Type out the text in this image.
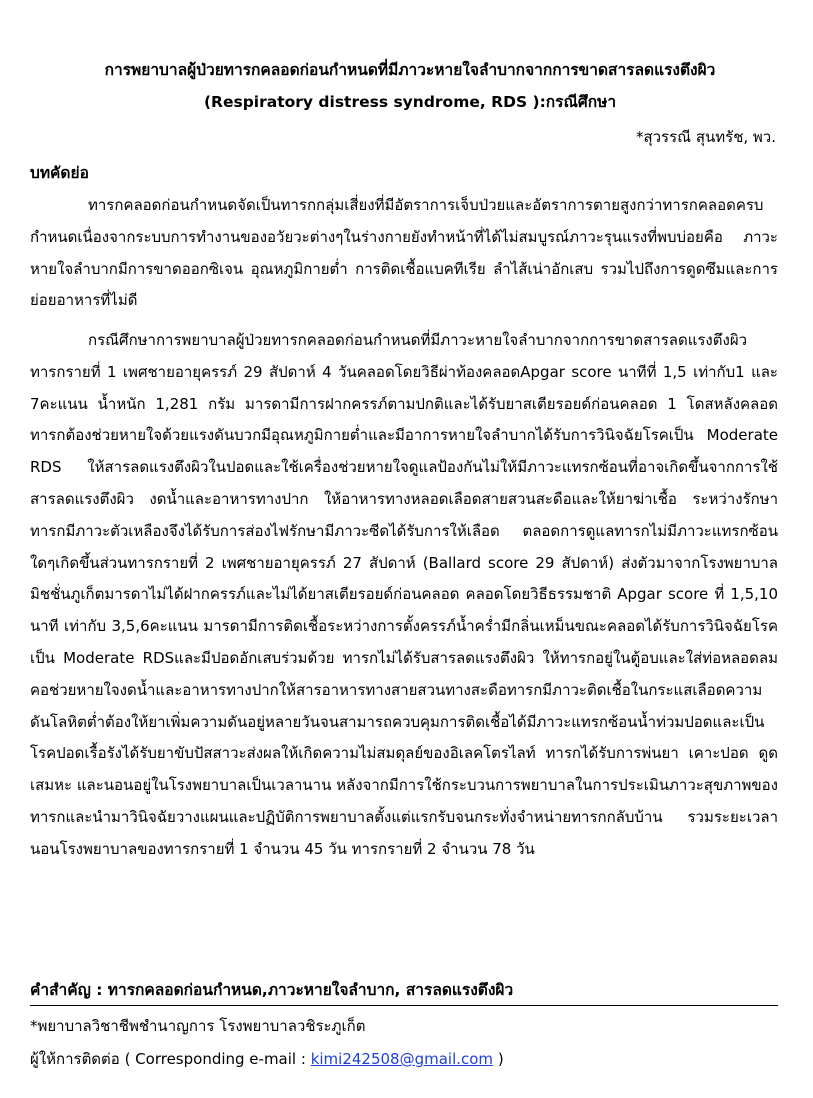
การพยาบาลผู้ป่วยทารกคลอดก่อนกำหนดที่มีภาวะหายใจลำบากจากการขาดสารลดแรงตึงผิว
(Respiratory distress syndrome, RDS ):กรณีศึกษา
*สุวรรณี สุนทรัช, พว.
บทคัดย่อ

ทารกคลอดก่อนกำหนดจัดเป็นทารกกลุ่มเสี่ยงที่มีอัตราการเจ็บป่วยและอัตราการตายสูงกว่าทารกคลอดครบกำหนดเนื่องจากระบบการทำงานของอวัยวะต่างๆในร่างกายยังทำหน้าที่ได้ไม่สมบูรณ์ภาวะรุนแรงที่พบบ่อยคือ ภาวะหายใจลำบากมีการขาดออกซิเจน อุณหภูมิกายต่ำ การติดเชื้อแบคทีเรีย ลำไส้เน่าอักเสบ รวมไปถึงการดูดซึมและการย่อยอาหารที่ไม่ดี

กรณีศึกษาการพยาบาลผู้ป่วยทารกคลอดก่อนกำหนดที่มีภาวะหายใจลำบากจากการขาดสารลดแรงตึงผิว ทารกรายที่ 1 เพศชายอายุครรภ์ 29 สัปดาห์ 4 วันคลอดโดยวิธีผ่าท้องคลอดApgar score นาทีที่ 1,5 เท่ากับ1 และ 7คะแนน น้ำหนัก 1,281 กรัม มารดามีการฝากครรภ์ตามปกติและได้รับยาสเตียรอยด์ก่อนคลอด 1 โดสหลังคลอดทารกต้องช่วยหายใจด้วยแรงดันบวกมีอุณหภูมิกายต่ำและมีอาการหายใจลำบากได้รับการวินิจฉัยโรคเป็น Moderate RDS ให้สารลดแรงตึงผิวในปอดและใช้เครื่องช่วยหายใจดูแลป้องกันไม่ให้มีภาวะแทรกซ้อนที่อาจเกิดขึ้นจากการใช้สารลดแรงตึงผิว งดน้ำและอาหารทางปาก ให้อาหารทางหลอดเลือดสายสวนสะดือและให้ยาฆ่าเชื้อ ระหว่างรักษาทารกมีภาวะตัวเหลืองจึงได้รับการส่องไฟรักษามีภาวะซีดได้รับการให้เลือด ตลอดการดูแลทารกไม่มีภาวะแทรกซ้อนใดๆเกิดขึ้นส่วนทารกรายที่ 2 เพศชายอายุครรภ์ 27 สัปดาห์ (Ballard score 29 สัปดาห์) ส่งตัวมาจากโรงพยาบาลมิชชั่นภูเก็ตมารดาไม่ได้ฝากครรภ์และไม่ได้ยาสเตียรอยด์ก่อนคลอด คลอดโดยวิธีธรรมชาติ Apgar score ที่ 1,5,10 นาที เท่ากับ 3,5,6คะแนน มารดามีการติดเชื้อระหว่างการตั้งครรภ์น้ำคร่ำมีกลิ่นเหม็นขณะคลอดได้รับการวินิจฉัยโรคเป็น Moderate RDSและมีปอดอักเสบร่วมด้วย ทารกไม่ได้รับสารลดแรงตึงผิว ให้ทารกอยู่ในตู้อบและใส่ท่อหลอดลมคอช่วยหายใจงดน้ำและอาหารทางปากให้สารอาหารทางสายสวนทางสะดือทารกมีภาวะติดเชื้อในกระแสเลือดความดันโลหิตต่ำต้องให้ยาเพิ่มความดันอยู่หลายวันจนสามารถควบคุมการติดเชื้อได้มีภาวะแทรกซ้อนน้ำท่วมปอดและเป็นโรคปอดเรื้อรังได้รับยาขับปัสสาวะส่งผลให้เกิดความไม่สมดุลย์ของอิเลคโตรไลท์ ทารกได้รับการพ่นยา เคาะปอด ดูดเสมหะ และนอนอยู่ในโรงพยาบาลเป็นเวลานาน หลังจากมีการใช้กระบวนการพยาบาลในการประเมินภาวะสุขภาพของทารกและนำมาวินิจฉัยวางแผนและปฏิบัติการพยาบาลตั้งแต่แรกรับจนกระทั่งจำหน่ายทารกกลับบ้าน รวมระยะเวลานอนโรงพยาบาลของทารกรายที่ 1 จำนวน 45 วัน ทารกรายที่ 2 จำนวน 78 วัน

คำสำคัญ : ทารกคลอดก่อนกำหนด,ภาวะหายใจลำบาก, สารลดแรงตึงผิว
*พยาบาลวิชาชีพชำนาญการ โรงพยาบาลวชิระภูเก็ต
ผู้ให้การติดต่อ ( Corresponding e-mail : kimi242508@gmail.com )
